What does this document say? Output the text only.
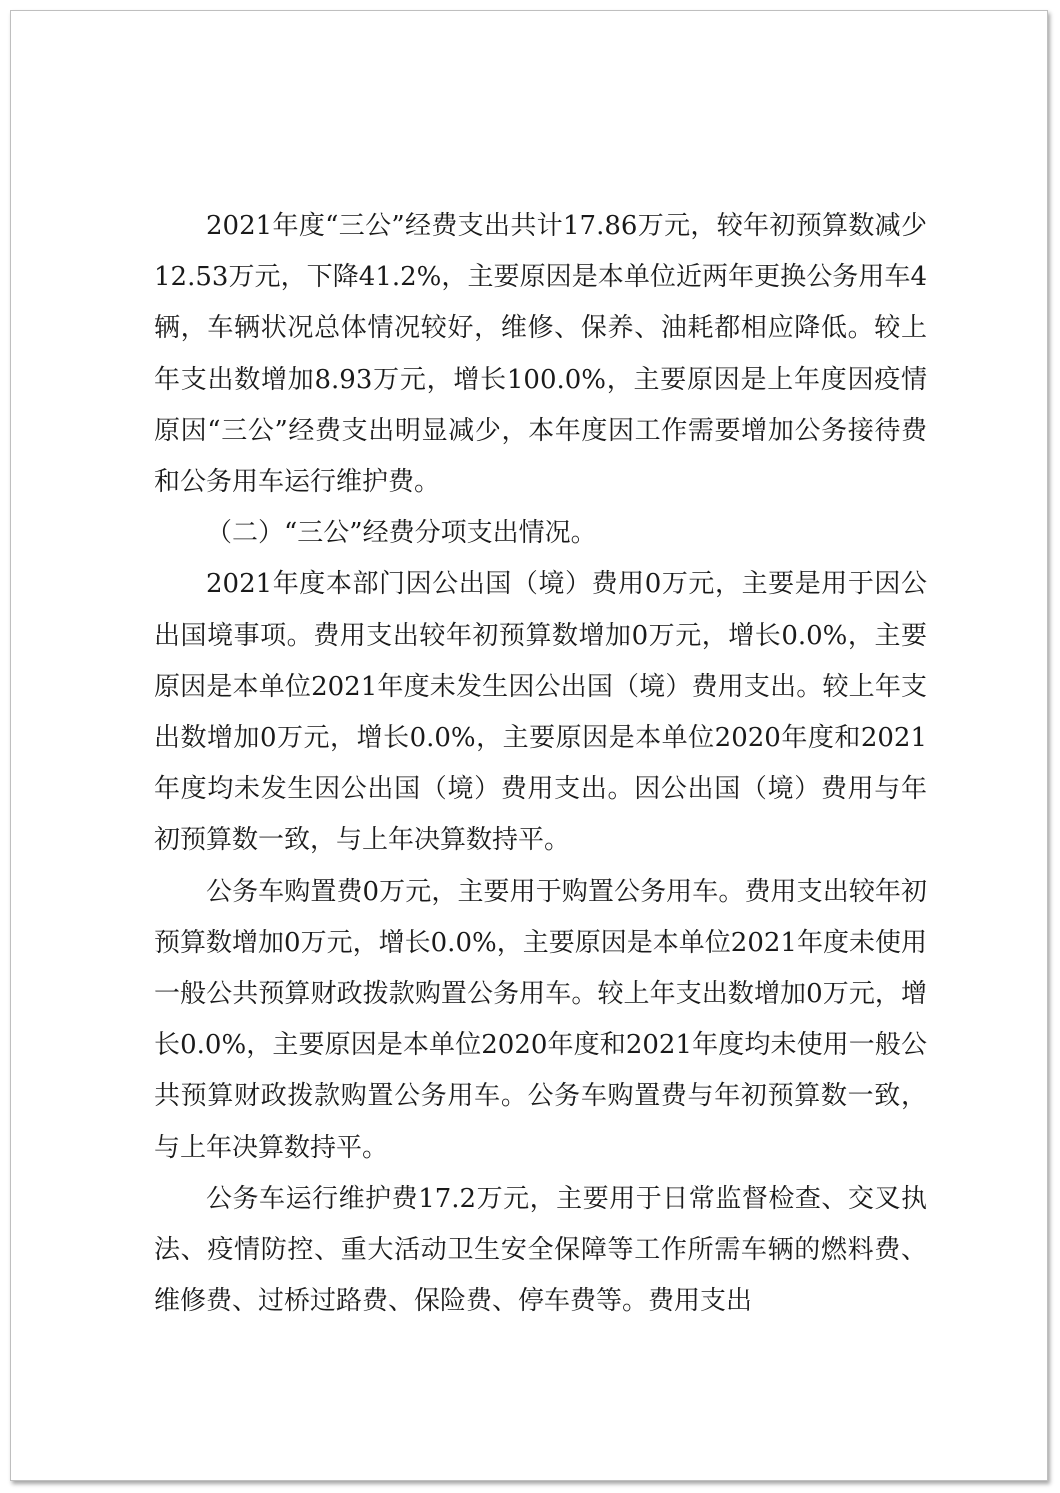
2021年度“三公”经费支出共计17.86万元，较年初预算数减少12.53万元，下降41.2%，主要原因是本单位近两年更换公务用车4辆，车辆状况总体情况较好，维修、保养、油耗都相应降低。较上年支出数增加8.93万元，增长100.0%，主要原因是上年度因疫情原因“三公”经费支出明显减少，本年度因工作需要增加公务接待费和公务用车运行维护费。

（二）“三公”经费分项支出情况。

2021年度本部门因公出国（境）费用0万元，主要是用于因公出国境事项。费用支出较年初预算数增加0万元，增长0.0%，主要原因是本单位2021年度未发生因公出国（境）费用支出。较上年支出数增加0万元，增长0.0%，主要原因是本单位2020年度和2021年度均未发生因公出国（境）费用支出。因公出国（境）费用与年初预算数一致，与上年决算数持平。

公务车购置费0万元，主要用于购置公务用车。费用支出较年初预算数增加0万元，增长0.0%，主要原因是本单位2021年度未使用一般公共预算财政拨款购置公务用车。较上年支出数增加0万元，增长0.0%，主要原因是本单位2020年度和2021年度均未使用一般公共预算财政拨款购置公务用车。公务车购置费与年初预算数一致，与上年决算数持平。

公务车运行维护费17.2万元，主要用于日常监督检查、交叉执法、疫情防控、重大活动卫生安全保障等工作所需车辆的燃料费、维修费、过桥过路费、保险费、停车费等。费用支出
